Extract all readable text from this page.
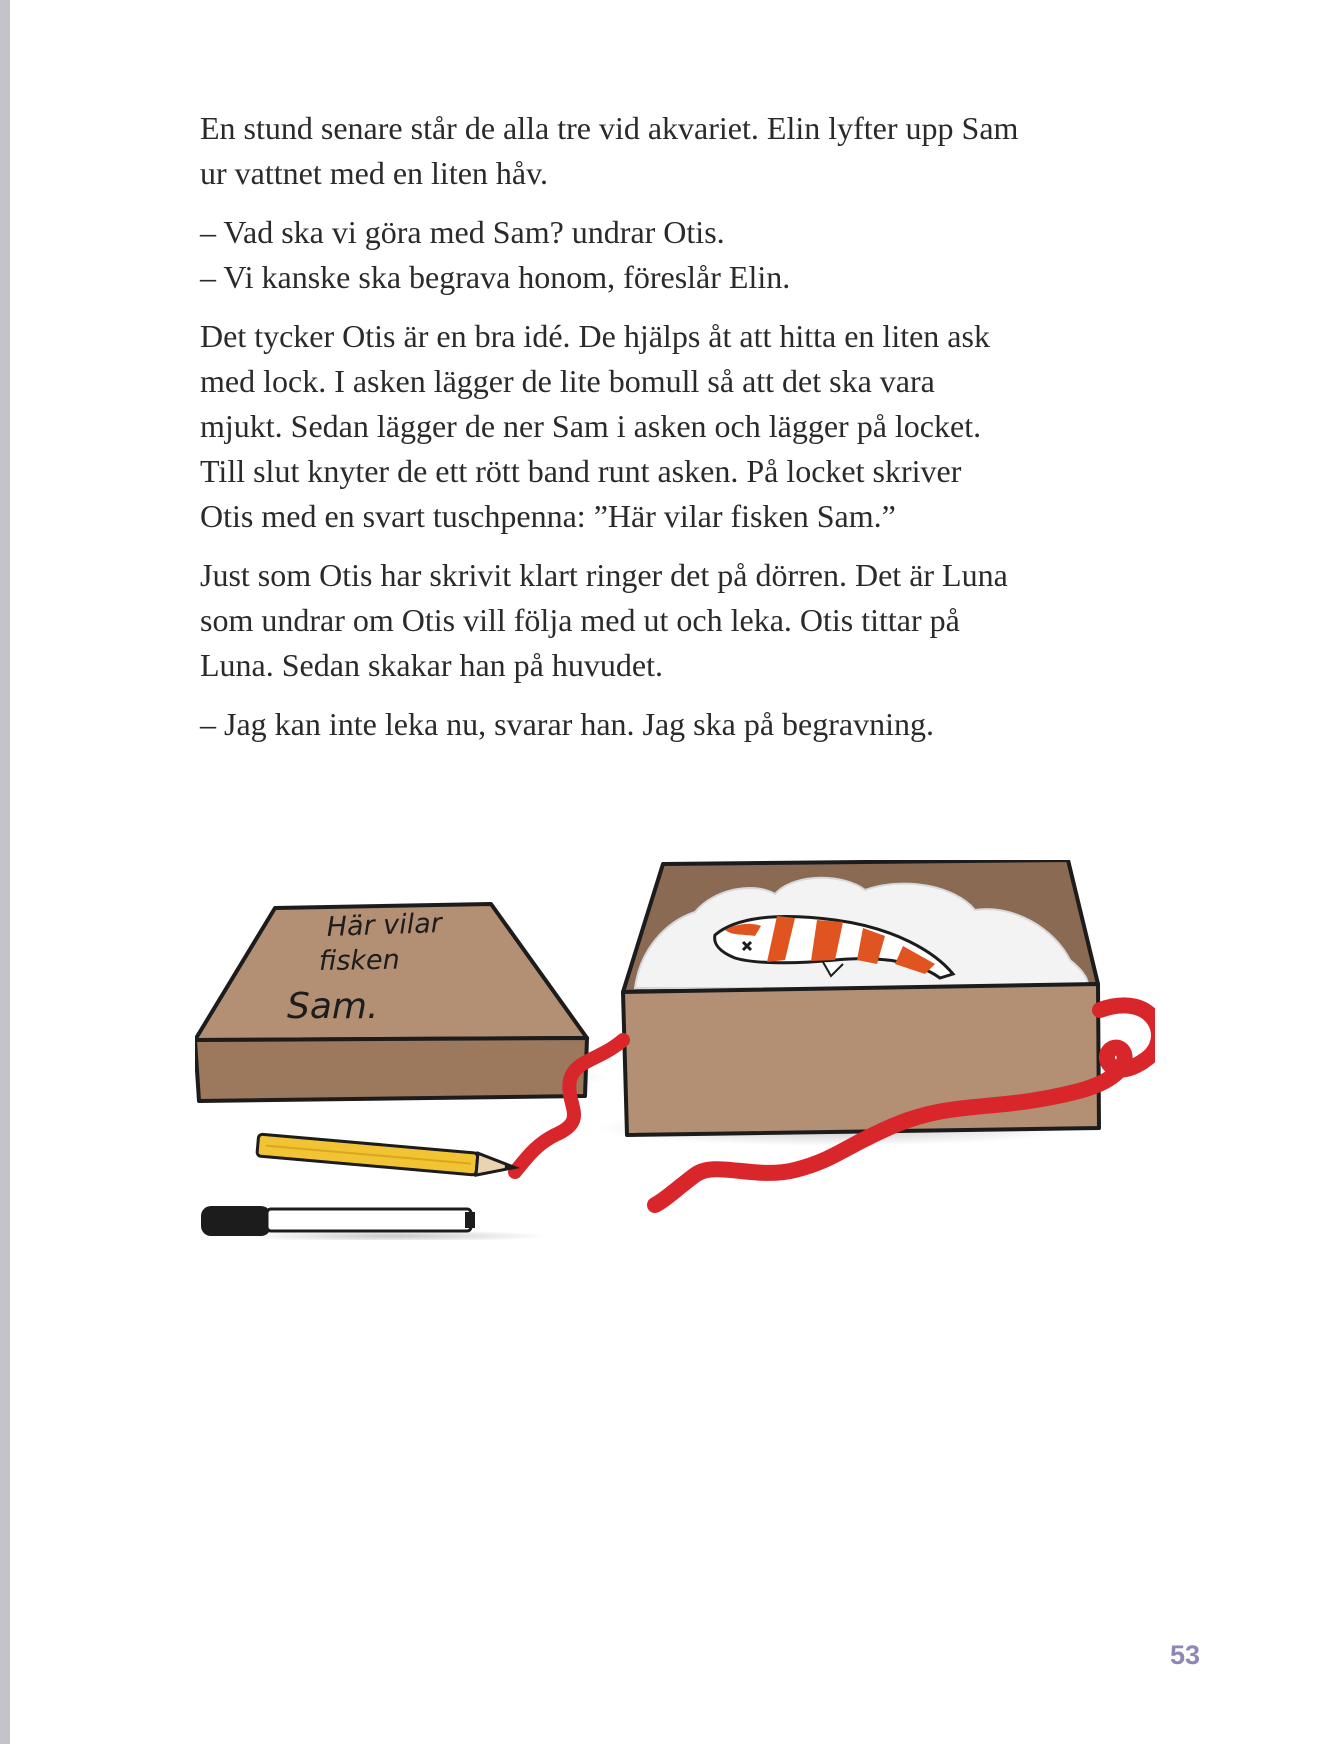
En stund senare står de alla tre vid akvariet. Elin lyfter upp Sam ur vattnet med en liten håv.

– Vad ska vi göra med Sam? undrar Otis.

– Vi kanske ska begrava honom, föreslår Elin.

Det tycker Otis är en bra idé. De hjälps åt att hitta en liten ask med lock. I asken lägger de lite bomull så att det ska vara mjukt. Sedan lägger de ner Sam i asken och lägger på locket. Till slut knyter de ett rött band runt asken. På locket skriver Otis med en svart tuschpenna: ”Här vilar fisken Sam.”

Just som Otis har skrivit klart ringer det på dörren. Det är Luna som undrar om Otis vill följa med ut och leka. Otis tittar på Luna. Sedan skakar han på huvudet.

– Jag kan inte leka nu, svarar han. Jag ska på begravning.

Här vilar
fisken
Sam.
53
